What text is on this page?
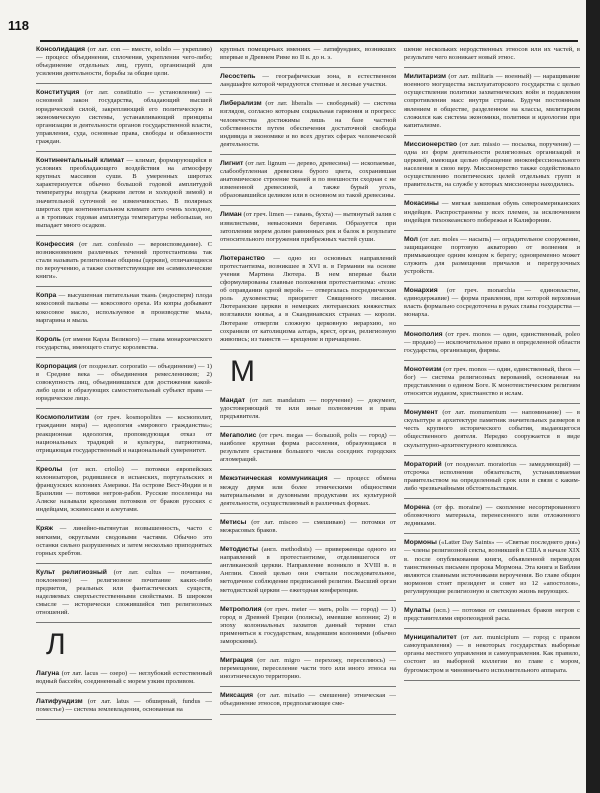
118

Консолидация (от лат. con — вместе, solido — укрепляю) — процесс объединения, сплочения, укрепления чего-либо; объединение отдельных лиц, групп, организаций для усиления деятельности, борьбы за общие цели.

Конституция (от лат. constitutio — установление) — основной закон государства, обладающий высшей юридической силой, закрепляющий его политическую и экономическую системы, устанавливающий принципы организации и деятельности органов государственной власти, управления, суда, основные права, свободы и обязанности граждан.

Континентальный климат — климат, формирующийся в условиях преобладающего воздействия на атмосферу крупных массивов суши. В умеренных широтах характеризуется обычно большой годовой амплитудой температуры воздуха (жарким летом и холодной зимой) и значительной суточной ее изменчивостью. В полярных широтах при континентальном климате лето очень холодное, а в тропиках годовая амплитуда температуры небольшая, но выпадает много осадков.

Конфессия (от лат. confessio — вероисповедание). С возникновением различных течений протестантизма так стали называть религиозные общины (церкви), отличающиеся по вероучению, а также соответствующие им «символические книги».

Копра — высушенная питательная ткань (эндосперм) плода кокосовой пальмы — кокосового ореха. Из копры добывают кокосовое масло, используемое в производстве мыла, маргарина и мыла.

Король (от имени Карла Великого) — глава монархического государства, имеющего статус королевства.

Корпорация (от позднелат. corporatio — объединение) — 1) в Средние века — объединения ремесленников; 2) совокупность лиц, объединившихся для достижения какой-либо цели и образующих самостоятельный субъект права — юридическое лицо.

Космополитизм (от греч. kosmopolites — космополит, гражданин мира) — идеология «мирового гражданства»; реакционная идеология, проповедующая отказ от национальных традиций и культуры, патриотизма, отрицающая государственный и национальный суверенитет.

Креолы (от исп. criollo) — потомки европейских колонизаторов, родившиеся в испанских, португальских и французских колониях Америки. На острове Вест-Индии и в Бразилии — потомки негров-рабов. Русские поселенцы на Аляске называли креолами потомков от браков русских с индейцами, эскимосами и алеутами.

Кряж — линейно-вытянутая возвышенность, часто с мягкими, округлыми сводовыми частями. Обычно это останки сильно разрушенных и затем несколько приподнятых горных хребтов.

Культ религиозный (от лат. cultus — почитание, поклонение) — религиозное почитание каких-либо предметов, реальных или фантастических существ, наделяемых сверхъестественными свойствами. В широком смысле — исторически сложившийся тип религиозных отношений.

Л

Лагуна (от лат. lacus — озеро) — неглубокий естественный водный бассейн, соединенный с морем узким проливом.

Латифундизм (от лат. latus — обширный, fundus — поместье) — система землевладения, основанная на

крупных помещичьих имениях — латифундиях, возникших впервые в Древнем Риме во II в. до н. э.

Лесостепь — географическая зона, в естественном ландшафте которой чередуются степные и лесные участки.

Либерализм (от лат. liberalis — свободный) — система взглядов, согласно которым социальная гармония и прогресс человечества достижимы лишь на базе частной собственности путем обеспечения достаточной свободы индивида в экономике и во всех других сферах человеческой деятельности.

Лигнит (от лат. lignum — дерево, древесина) — ископаемые, слабообугленная древесина бурого цвета, сохранившая анатомическое строение тканей и по внешности сходная с не измененной древесиной, а также бурый уголь, образовавшийся целиком или в основном из такой древесины.

Лиман (от греч. limen — гавань, бухта) — вытянутый залив с извилистыми, невысокими берегами. Образуется при затоплении морем долин равнинных рек и балок в результате относительного погружения прибрежных частей суши.

Лютеранство — одно из основных направлений протестантизма, возникшее в XVI в. в Германии на основе учения Мартина Лютера. В нем впервые были сформулированы главные положения протестантизма: «тезис об оправдании одной верой» — отвергалась посредническая роль духовенства; приоритет Священного писания. Лютеранские церкви в немецких лютеранских княжествах возглавили князья, а в Скандинавских странах — короли. Лютеране отвергли сложную церковную иерархию, но сохранили от католицизма алтарь, крест, орган, религиозную живопись; из таинств — крещение и причащение.

М

Мандат (от лат. mandatum — поручение) — документ, удостоверяющий те или иные полномочия и права предъявителя.

Мегаполис (от греч. megas — большой, polis — город) — наиболее крупная форма расселения, образующаяся в результате срастания большого числа соседних городских агломераций.

Межэтническая коммуникация — процесс обмена между двумя или более этническими общностями материальными и духовными продуктами их культурной деятельности, осуществляемый в различных формах.

Метисы (от лат. misceo — смешиваю) — потомки от межрасовых браков.

Методисты (англ. methodists) — приверженцы одного из направлений в протестантизме, отделившегося от англиканской церкви. Направление возникло в XVIII в. в Англии. Своей целью они считали последовательное, методичное соблюдение предписаний религии. Высший орган методистской церкви — ежегодная конференция.

Метрополия (от греч. meter — мать, polis — город) — 1) город в Древней Греции (полисы), имевшие колонии; 2) в эпоху колониальных захватов данный термин стал применяться к государствам, владевшим колониями (обычно заморскими).

Миграция (от лат. migro — перехожу, переселяюсь) — перемещение, переселение части того или иного этноса на иноэтническую территорию.

Миксация (от лат. mixatio — смешение) этническая — объединение этносов, предполагающее сме-

шение нескольких неродственных этносов или их частей, в результате чего возникает новый этнос.

Милитаризм (от лат. militaris — военный) — наращивание военного могущества эксплуататорского государства с целью осуществления политики захватнических войн и подавления сопротивления масс внутри страны. Будучи постоянным явлением в обществе, разделенном на классы, милитаризм сложился как система экономики, политики и идеологии при капитализме.

Миссионерство (от лат. missio — посылка, поручение) — одна из форм деятельности религиозных организаций и церквей, имеющая целью обращение иноконфессионального населения в свою веру. Миссионерство также содействовало осуществлению политических целей отдельных групп и правительств, на службе у которых миссионеры находились.

Мокасины — мягкая замшевая обувь североамериканских индейцев. Распространены у всех племен, за исключением индейцев тихоокеанского побережья и Калифорнии.

Мол (от лат. moles — насыпь) — оградительное сооружение, защищающее портовую акваторию от волнения и примыкающее одним концом к берегу; одновременно может служить для размещения причалов и перегрузочных устройств.

Монархия (от греч. monarchia — единовластие, единодержавие) — форма правления, при которой верховная власть формально сосредоточена в руках главы государства — монарха.

Монополия (от греч. monos — один, единственный, poleo — продаю) — исключительное право в определенной области государства, организации, фирмы.

Монотеизм (от греч. monos — один, единственный, theos — бог) — система религиозных верований, основанная на представлении о едином Боге. К монотеистическим религиям относятся иудаизм, христианство и ислам.

Монумент (от лат. monumentum — напоминание) — в скульптуре и архитектуре памятник значительных размеров в честь крупного исторического события, выдающегося общественного деятеля. Нередко сооружается в виде скульптурно-архитектурного комплекса.

Мораторий (от позднелат. moratorius — замедляющий) — отсрочка исполнения обязательств, устанавливаемая правительством на определенный срок или в связи с каким-либо чрезвычайными обстоятельствами.

Морена (от фр. moraine) — скопление несортированного обломочного материала, перенесенного или отложенного ледниками.

Мормоны («Latter Day Saints» — «Святые последнего дня») — члены религиозной секты, возникшей в США в начале XIX в. после опубликования книги, объявленной переводом таинственных письмен пророка Мормона. Эта книга и Библия являются главными источниками вероучения. Во главе общин мормонов стоят президент и совет из 12 «апостолов», регулирующие религиозную и светскую жизнь верующих.

Мулаты (исп.) — потомки от смешанных браков негров с представителями европеоидной расы.

Муниципалитет (от лат. municipium — город с правом самоуправления) — в некоторых государствах выборные органы местного управления и самоуправления. Как правило, состоит из выборной коллегии во главе с мэром, бургомистром и чиновничьего исполнительного аппарата.
